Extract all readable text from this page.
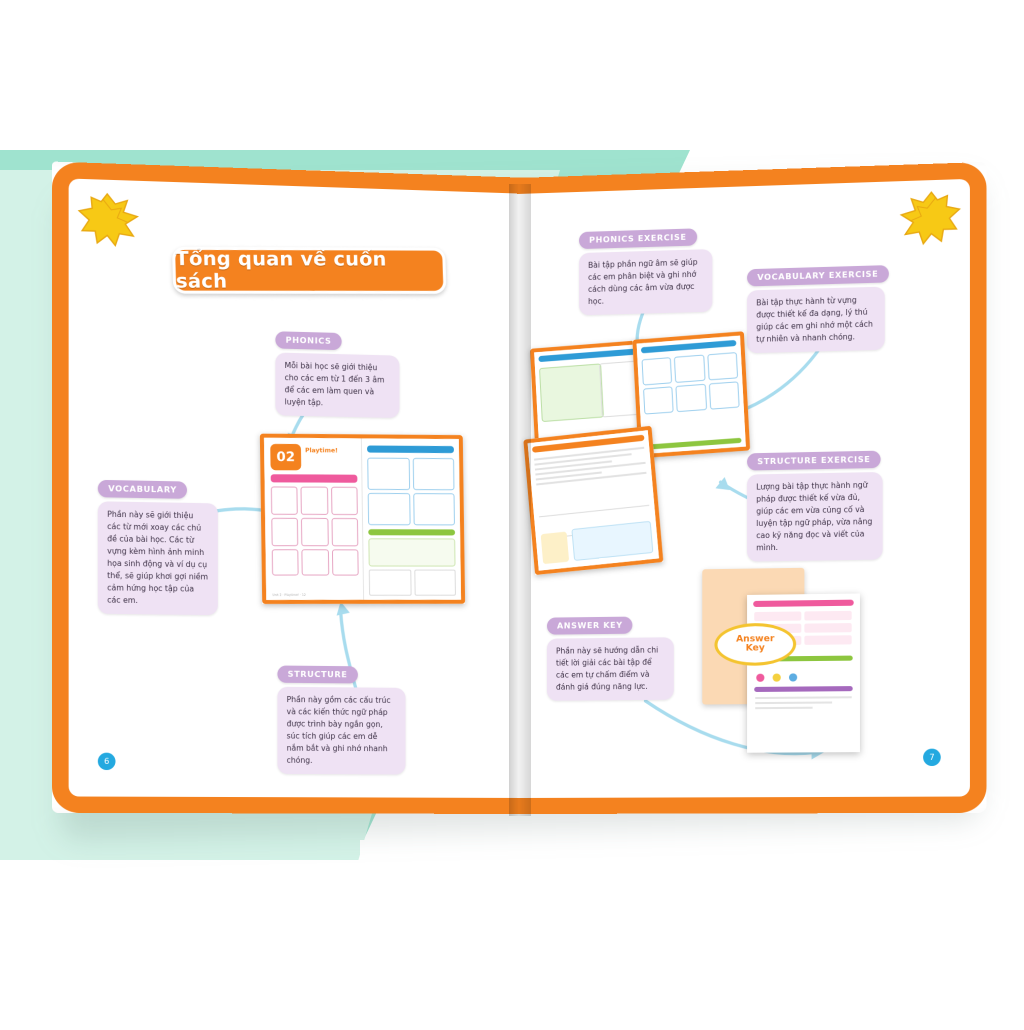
6
Tổng quan về cuốn sách
PHONICS
Mỗi bài học sẽ giới thiệu cho các em từ 1 đến 3 âm để các em làm quen và luyện tập.
VOCABULARY
Phần này sẽ giới thiệu các từ mới xoay các chủ đề của bài học. Các từ vựng kèm hình ảnh minh họa sinh động và ví dụ cụ thể, sẽ giúp khơi gợi niềm cảm hứng học tập của các em.
STRUCTURE
Phần này gồm các cấu trúc và các kiến thức ngữ pháp được trình bày ngắn gọn, súc tích giúp các em dễ nắm bắt và ghi nhớ nhanh chóng.
02	Playtime!
Unit 2 · Playtime! · 12
7
PHONICS EXERCISE
Bài tập phần ngữ âm sẽ giúp các em phân biệt và ghi nhớ cách dùng các âm vừa được học.
VOCABULARY EXERCISE
Bài tập thực hành từ vựng được thiết kế đa dạng, lý thú giúp các em ghi nhớ một cách tự nhiên và nhanh chóng.
STRUCTURE EXERCISE
Lượng bài tập thực hành ngữ pháp được thiết kế vừa đủ, giúp các em vừa củng cố và luyện tập ngữ pháp, vừa nâng cao kỹ năng đọc và viết của mình.
ANSWER KEY
Phần này sẽ hướng dẫn chi tiết lời giải các bài tập để các em tự chấm điểm và đánh giá đúng năng lực.

Answer
Key
